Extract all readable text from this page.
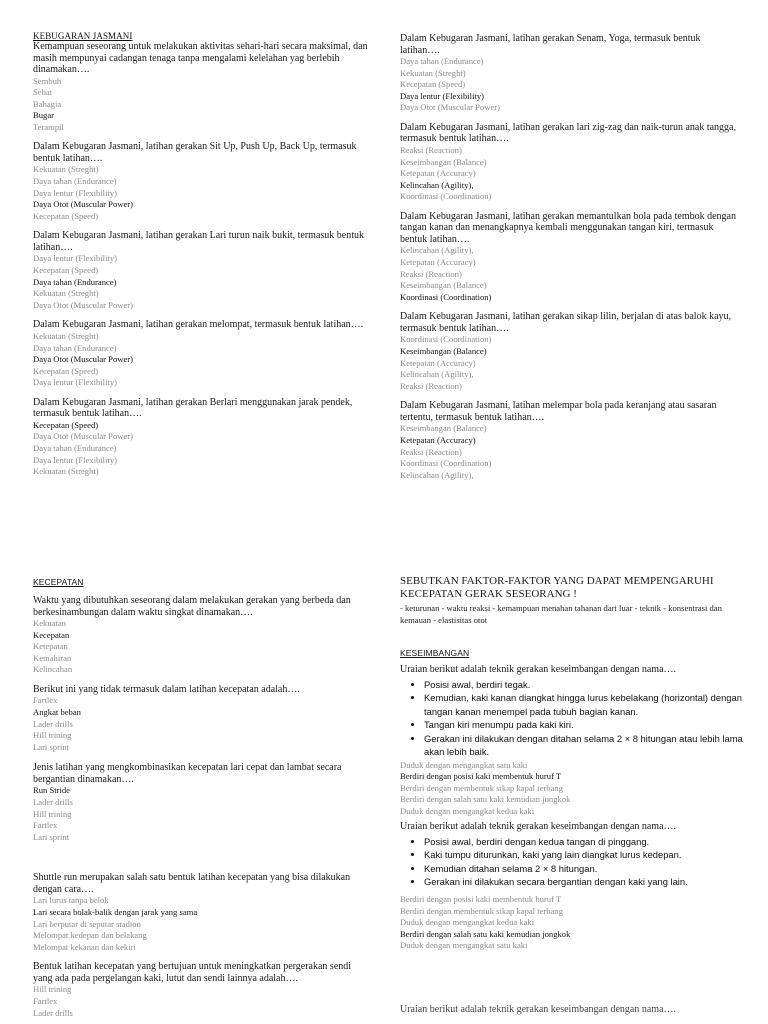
KEBUGARAN JASMANI
Kemampuan seseorang untuk melakukan aktivitas sehari-hari secara maksimal, dan masih mempunyai cadangan tenaga tanpa mengalami kelelahan yag berlebih dinamakan….
Sembuh
Sehat
Bahagia
Bugar
Terampil
Dalam Kebugaran Jasmani, latihan gerakan Sit Up, Push Up, Back Up, termasuk bentuk latihan….
Kekuatan (Streght)
Daya tahan (Endurance)
Daya lentur (Flexibility)
Daya Otot (Muscular Power)
Kecepatan (Speed)
Dalam Kebugaran Jasmani, latihan gerakan Lari turun naik bukit, termasuk bentuk latihan….
Daya lentur (Flexibility)
Kecepatan (Speed)
Daya tahan (Endurance)
Kekuatan (Streght)
Daya Otot (Muscular Power)
Dalam Kebugaran Jasmani, latihan gerakan melompat, termasuk bentuk latihan….
Kekuatan (Streght)
Daya tahan (Endurance)
Daya Otot (Muscular Power)
Kecepatan (Speed)
Daya lentur (Flexibility)
Dalam Kebugaran Jasmani, latihan gerakan Berlari menggunakan jarak pendek, termasuk bentuk latihan….
Kecepatan (Speed)
Daya Otot (Muscular Power)
Daya tahan (Endurance)
Daya lentur (Flexibility)
Kekuatan (Streght)
Dalam Kebugaran Jasmani, latihan gerakan Senam, Yoga, termasuk bentuk latihan….
Daya tahan (Endurance)
Kekuatan (Streght)
Kecepatan (Speed)
Daya lentur (Flexibility)
Daya Otot (Muscular Power)
Dalam Kebugaran Jasmani, latihan gerakan lari zig-zag dan naik-turun anak tangga, termasuk bentuk latihan….
Reaksi (Reaction)
Keseimbangan (Balance)
Ketepatan (Accuracy)
Kelincahan (Agility),
Koordinasi (Coordination)
Dalam Kebugaran Jasmani, latihan gerakan memantulkan bola pada tembok dengan tangan kanan dan menangkapnya kembali menggunakan tangan kiri, termasuk bentuk latihan….
Kelincahan (Agility),
Ketepatan (Accuracy)
Reaksi (Reaction)
Keseimbangan (Balance)
Koordinasi (Coordination)
Dalam Kebugaran Jasmani, latihan gerakan sikap lilin, berjalan di atas balok kayu, termasuk bentuk latihan….
Koordinasi (Coordination)
Keseimbangan (Balance)
Ketepatan (Accuracy)
Kelincahan (Agility),
Reaksi (Reaction)
Dalam Kebugaran Jasmani, latihan melempar bola pada keranjang atau sasaran tertentu, termasuk bentuk latihan….
Keseimbangan (Balance)
Ketepatan (Accuracy)
Reaksi (Reaction)
Koordinasi (Coordination)
Kelincahan (Agility),
KECEPATAN
Waktu yang dibutuhkan seseorang dalam melakukan gerakan yang berbeda dan berkesinambungan dalam waktu singkat dinamakan….
Kekuatan
Kecepatan
Ketepatan
Kemahiran
Kelincahan
Berikut ini yang tidak termasuk dalam latihan kecepatan adalah….
Fartlex
Angkat beban
Lader drills
Hill trining
Lari sprint
Jenis latihan yang mengkombinasikan kecepatan lari cepat dan lambat secara bergantian dinamakan….
Run Stride
Lader drills
Hill trining
Fartlex
Lari sprint
Shuttle run merupakan salah satu bentuk latihan kecepatan yang bisa dilakukan dengan cara….
Lari lurus tanpa belok
Lari secara bolak-balik dengan jarak yang sama
Lari berputar di seputar stadion
Melompat kedepan dan belakang
Melompat kekanan dan kekiri
Bentuk latihan kecepatan yang bertujuan untuk meningkatkan pergerakan sendi yang ada pada pergelangan kaki, lutut dan sendi lainnya adalah….
Hill trining
Fartlex
Lader drills
SEBUTKAN FAKTOR-FAKTOR YANG DAPAT MEMPENGARUHI KECEPATAN GERAK SESEORANG !
- keturunan - waktu reaksi - kemampuan menahan tahanan dari luar - teknik - konsentrasi dan kemauan - elastisitas otot
KESEIMBANGAN
Uraian berikut adalah teknik gerakan keseimbangan dengan nama….
• Posisi awal, berdiri tegak.
• Kemudian, kaki kanan diangkat hingga lurus kebelakang (horizontal) dengan tangan kanan menempel pada tubuh bagian kanan.
• Tangan kiri menumpu pada kaki kiri.
• Gerakan ini dilakukan dengan ditahan selama 2 × 8 hitungan atau lebih lama akan lebih baik.
Duduk dengan mengangkat satu kaki
Berdiri dengan posisi kaki membentuk huruf T
Berdiri dengan membentuk sikap kapal terbang
Berdiri dengan salah satu kaki kemudian jongkok
Duduk dengan mengangkat kedua kaki
Uraian berikut adalah teknik gerakan keseimbangan dengan nama….
• Posisi awal, berdiri dengan kedua tangan di pinggang.
• Kaki tumpu diturunkan, kaki yang lain diangkat lurus kedepan.
• Kemudian ditahan selama 2 × 8 hitungan.
• Gerakan ini dilakukan secara bergantian dengan kaki yang lain.
Berdiri dengan posisi kaki membentuk huruf T
Berdiri dengan membentuk sikap kapal terbang
Duduk dengan mengangkat kedua kaki
Berdiri dengan salah satu kaki kemudian jongkok
Duduk dengan mengangkat satu kaki
Uraian berikut adalah teknik gerakan keseimbangan dengan nama….
